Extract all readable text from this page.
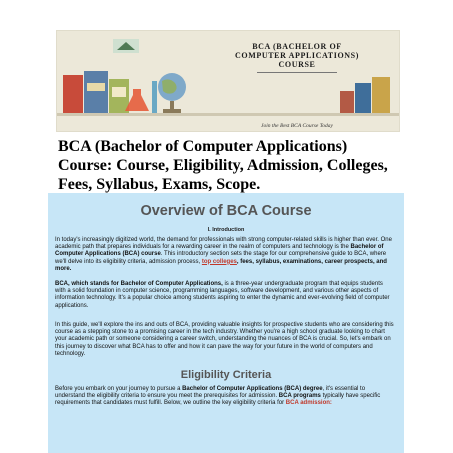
BCA (BACHELOR OF
COMPUTER APPLICATIONS)
COURSE
Join the Best BCA Course Today
BCA (Bachelor of Computer Applications) Course: Course, Eligibility, Admission, Colleges, Fees, Syllabus, Exams, Scope.
Overview of BCA Course
I. Introduction

In today's increasingly digitized world, the demand for professionals with strong computer-related skills is higher than ever. One academic path that prepares individuals for a rewarding career in the realm of computers and technology is the Bachelor of Computer Applications (BCA) course. This introductory section sets the stage for our comprehensive guide to BCA, where we'll delve into its eligibility criteria, admission process, top colleges, fees, syllabus, examinations, career prospects, and more.

BCA, which stands for Bachelor of Computer Applications, is a three-year undergraduate program that equips students with a solid foundation in computer science, programming languages, software development, and various other aspects of information technology. It's a popular choice among students aspiring to enter the dynamic and ever-evolving field of computer applications.

In this guide, we'll explore the ins and outs of BCA, providing valuable insights for prospective students who are considering this course as a stepping stone to a promising career in the tech industry. Whether you're a high school graduate looking to chart your academic path or someone considering a career switch, understanding the nuances of BCA is crucial. So, let's embark on this journey to discover what BCA has to offer and how it can pave the way for your future in the world of computers and technology.

Eligibility Criteria

Before you embark on your journey to pursue a Bachelor of Computer Applications (BCA) degree, it's essential to understand the eligibility criteria to ensure you meet the prerequisites for admission. BCA programs typically have specific requirements that candidates must fulfill. Below, we outline the key eligibility criteria for BCA admission:
